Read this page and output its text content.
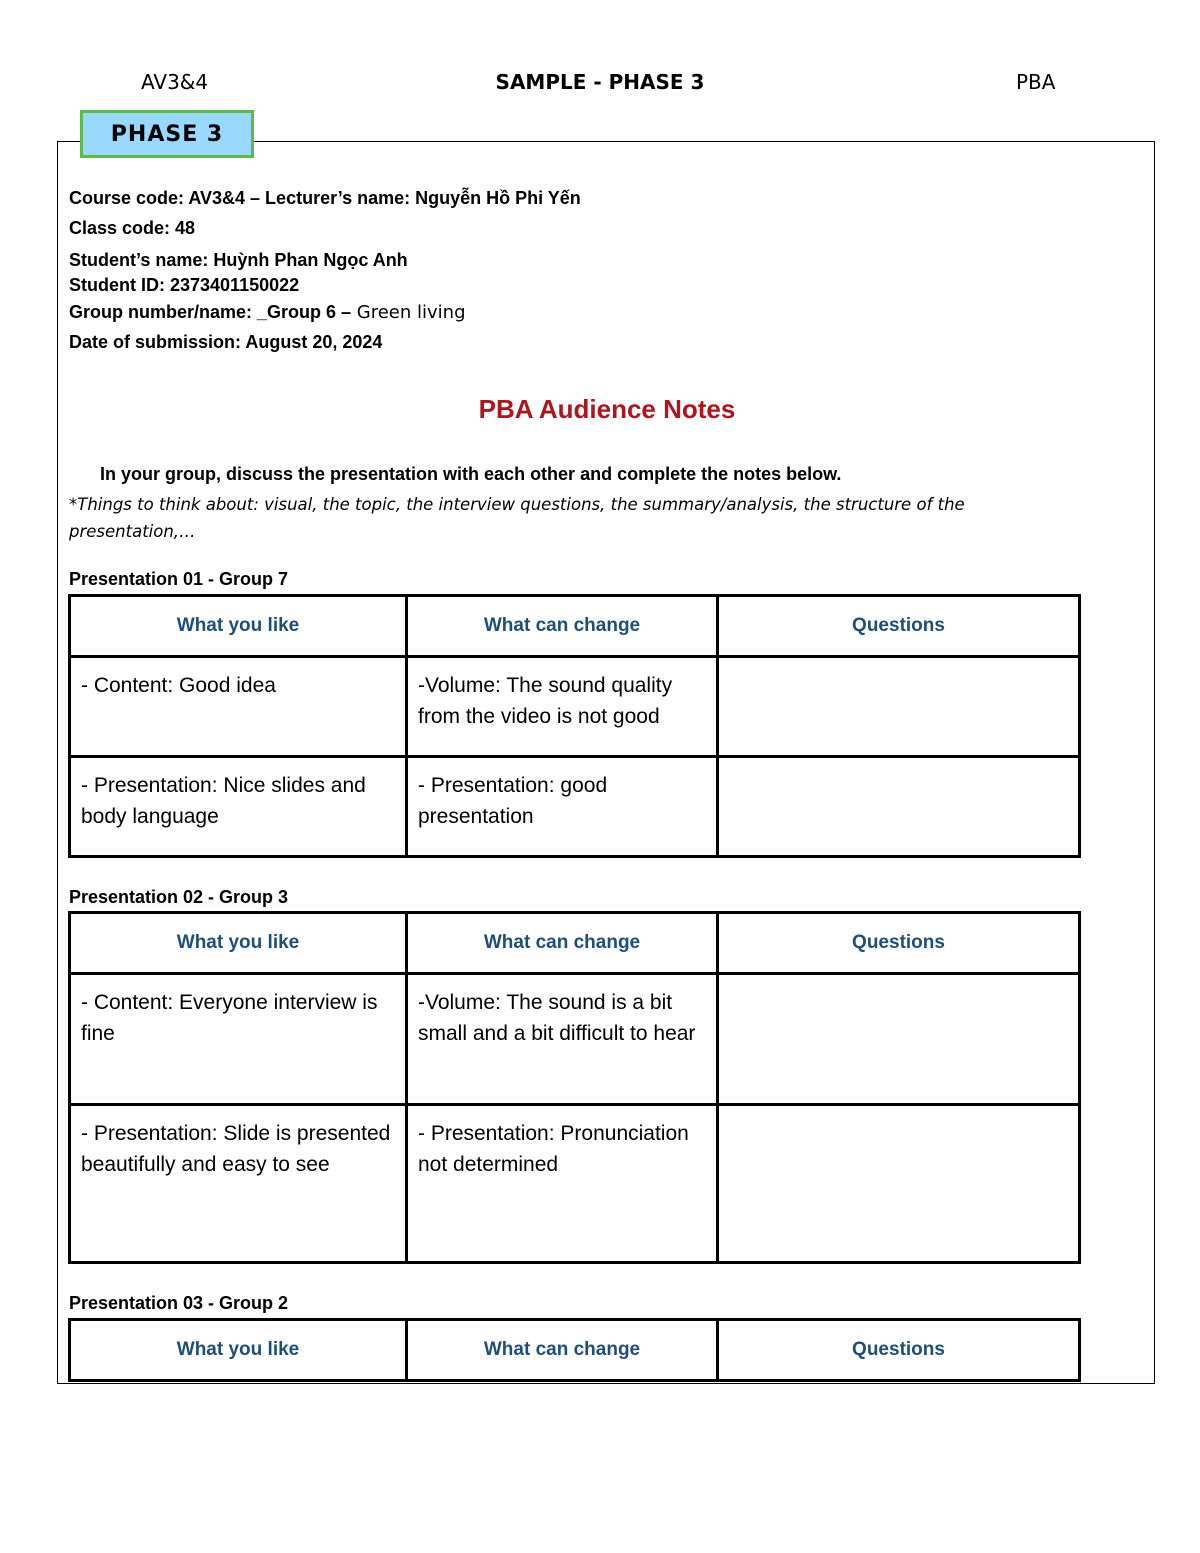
AV3&4	SAMPLE - PHASE 3	PBA
PHASE 3
Course code: AV3&4 – Lecturer’s name: Nguyễn Hồ Phi Yến
Class code: 48
Student’s name: Huỳnh Phan Ngọc Anh
Student ID: 2373401150022
Group number/name: _Group 6 – Green living
Date of submission: August 20, 2024
PBA Audience Notes
In your group, discuss the presentation with each other and complete the notes below.
*Things to think about: visual, the topic, the interview questions, the summary/analysis, the structure of the presentation,…
Presentation 01 - Group 7
What you like	What can change	Questions
- Content: Good idea	-Volume: The sound quality from the video is not good	
- Presentation: Nice slides and body language	- Presentation: good presentation	
Presentation 02 - Group 3
What you like	What can change	Questions
- Content: Everyone interview is fine	-Volume: The sound is a bit small and a bit difficult to hear	
- Presentation: Slide is presented beautifully and easy to see	- Presentation: Pronunciation not determined	
Presentation 03 - Group 2
What you like	What can change	Questions
